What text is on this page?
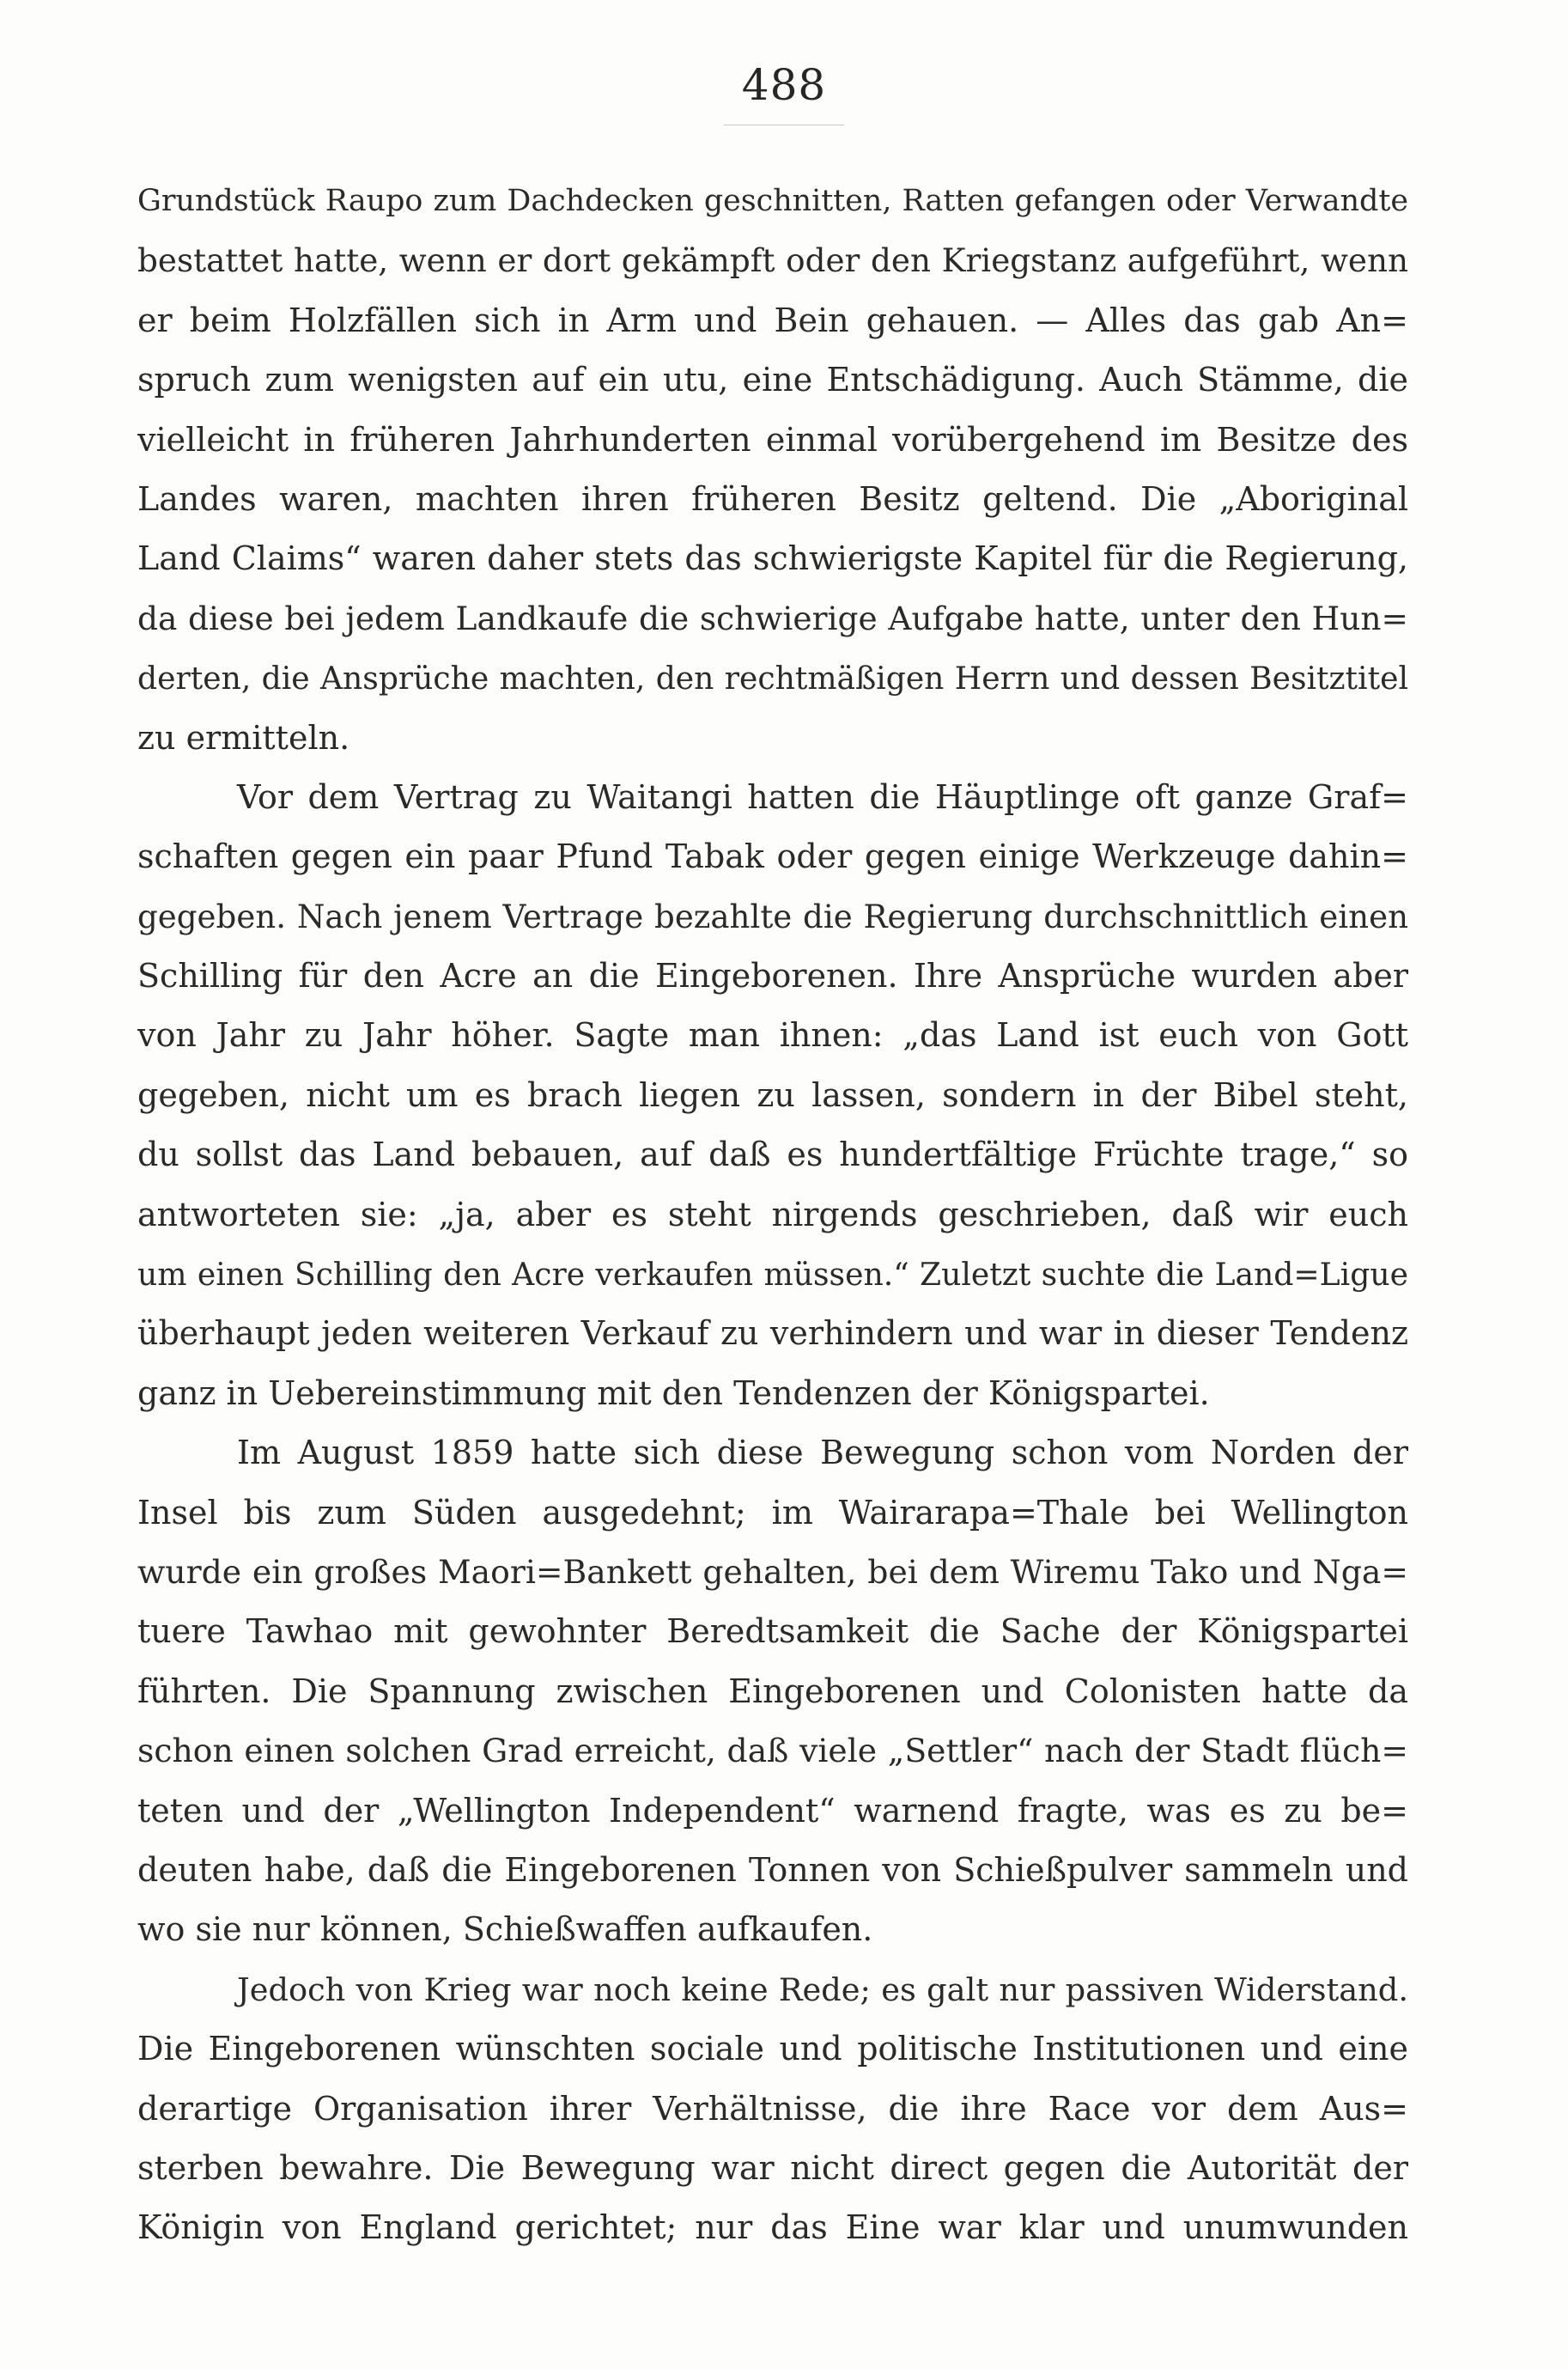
488
Grundstück Raupo zum Dachdecken geschnitten, Ratten gefangen oder Verwandte
bestattet hatte, wenn er dort gekämpft oder den Kriegstanz aufgeführt, wenn
er beim Holzfällen sich in Arm und Bein gehauen. — Alles das gab An=
spruch zum wenigsten auf ein utu, eine Entschädigung. Auch Stämme, die
vielleicht in früheren Jahrhunderten einmal vorübergehend im Besitze des
Landes waren, machten ihren früheren Besitz geltend. Die „Aboriginal
Land Claims“ waren daher stets das schwierigste Kapitel für die Regierung,
da diese bei jedem Landkaufe die schwierige Aufgabe hatte, unter den Hun=
derten, die Ansprüche machten, den rechtmäßigen Herrn und dessen Besitztitel
zu ermitteln.
Vor dem Vertrag zu Waitangi hatten die Häuptlinge oft ganze Graf=
schaften gegen ein paar Pfund Tabak oder gegen einige Werkzeuge dahin=
gegeben. Nach jenem Vertrage bezahlte die Regierung durchschnittlich einen
Schilling für den Acre an die Eingeborenen. Ihre Ansprüche wurden aber
von Jahr zu Jahr höher. Sagte man ihnen: „das Land ist euch von Gott
gegeben, nicht um es brach liegen zu lassen, sondern in der Bibel steht,
du sollst das Land bebauen, auf daß es hundertfältige Früchte trage,“ so
antworteten sie: „ja, aber es steht nirgends geschrieben, daß wir euch
um einen Schilling den Acre verkaufen müssen.“ Zuletzt suchte die Land=Ligue
überhaupt jeden weiteren Verkauf zu verhindern und war in dieser Tendenz
ganz in Uebereinstimmung mit den Tendenzen der Königspartei.
Im August 1859 hatte sich diese Bewegung schon vom Norden der
Insel bis zum Süden ausgedehnt; im Wairarapa=Thale bei Wellington
wurde ein großes Maori=Bankett gehalten, bei dem Wiremu Tako und Nga=
tuere Tawhao mit gewohnter Beredtsamkeit die Sache der Königspartei
führten. Die Spannung zwischen Eingeborenen und Colonisten hatte da
schon einen solchen Grad erreicht, daß viele „Settler“ nach der Stadt flüch=
teten und der „Wellington Independent“ warnend fragte, was es zu be=
deuten habe, daß die Eingeborenen Tonnen von Schießpulver sammeln und
wo sie nur können, Schießwaffen aufkaufen.
Jedoch von Krieg war noch keine Rede; es galt nur passiven Widerstand.
Die Eingeborenen wünschten sociale und politische Institutionen und eine
derartige Organisation ihrer Verhältnisse, die ihre Race vor dem Aus=
sterben bewahre. Die Bewegung war nicht direct gegen die Autorität der
Königin von England gerichtet; nur das Eine war klar und unumwunden
